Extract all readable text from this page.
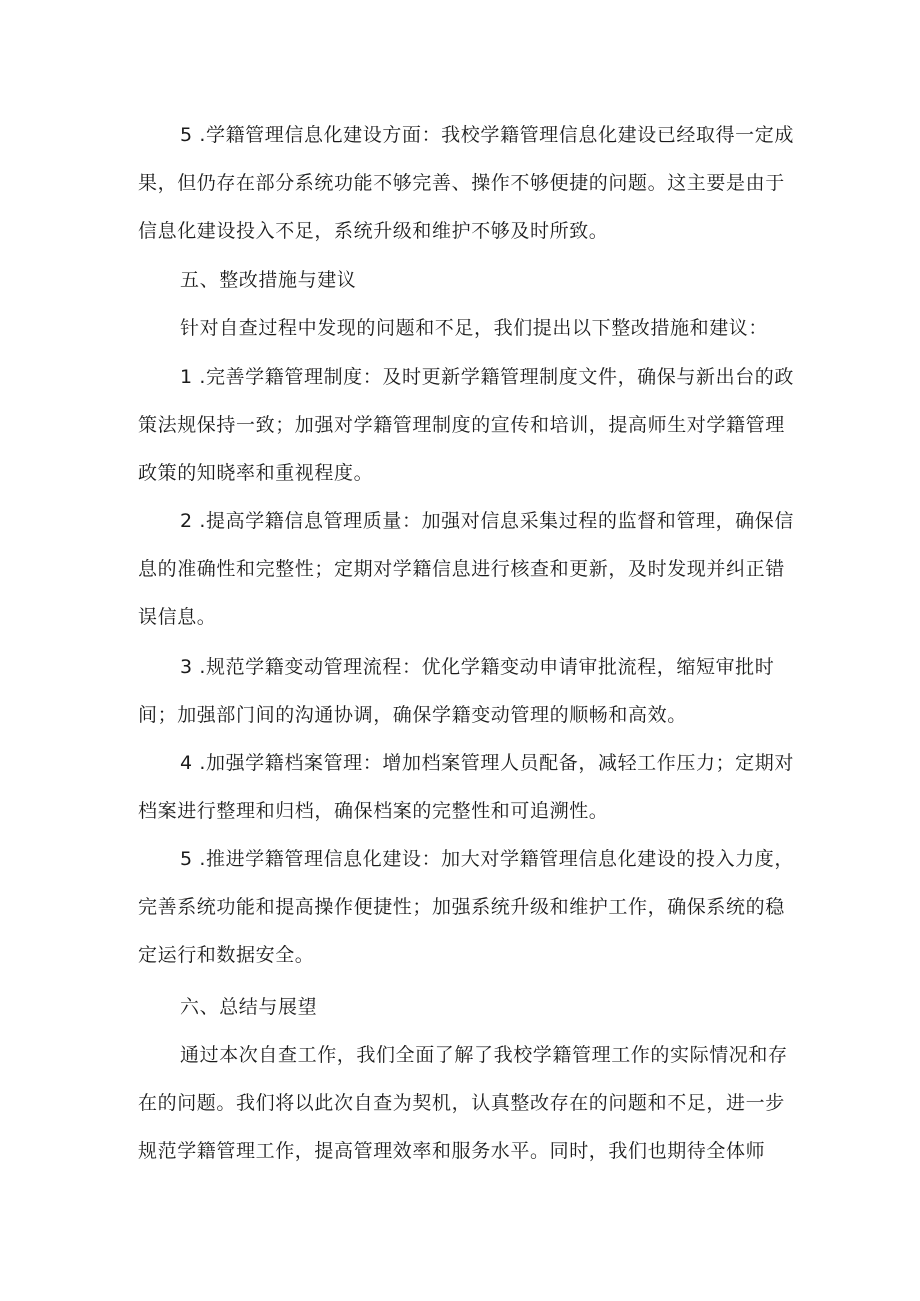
5 .学籍管理信息化建设方面：我校学籍管理信息化建设已经取得一定成果，但仍存在部分系统功能不够完善、操作不够便捷的问题。这主要是由于信息化建设投入不足，系统升级和维护不够及时所致。

五、整改措施与建议

针对自查过程中发现的问题和不足，我们提出以下整改措施和建议：

1 .完善学籍管理制度：及时更新学籍管理制度文件，确保与新出台的政策法规保持一致；加强对学籍管理制度的宣传和培训，提高师生对学籍管理政策的知晓率和重视程度。

2 .提高学籍信息管理质量：加强对信息采集过程的监督和管理，确保信息的准确性和完整性；定期对学籍信息进行核查和更新，及时发现并纠正错误信息。

3 .规范学籍变动管理流程：优化学籍变动申请审批流程，缩短审批时间；加强部门间的沟通协调，确保学籍变动管理的顺畅和高效。

4 .加强学籍档案管理：增加档案管理人员配备，减轻工作压力；定期对档案进行整理和归档，确保档案的完整性和可追溯性。

5 .推进学籍管理信息化建设：加大对学籍管理信息化建设的投入力度，完善系统功能和提高操作便捷性；加强系统升级和维护工作，确保系统的稳定运行和数据安全。

六、总结与展望

通过本次自查工作，我们全面了解了我校学籍管理工作的实际情况和存在的问题。我们将以此次自查为契机，认真整改存在的问题和不足，进一步规范学籍管理工作，提高管理效率和服务水平。同时，我们也期待全体师
